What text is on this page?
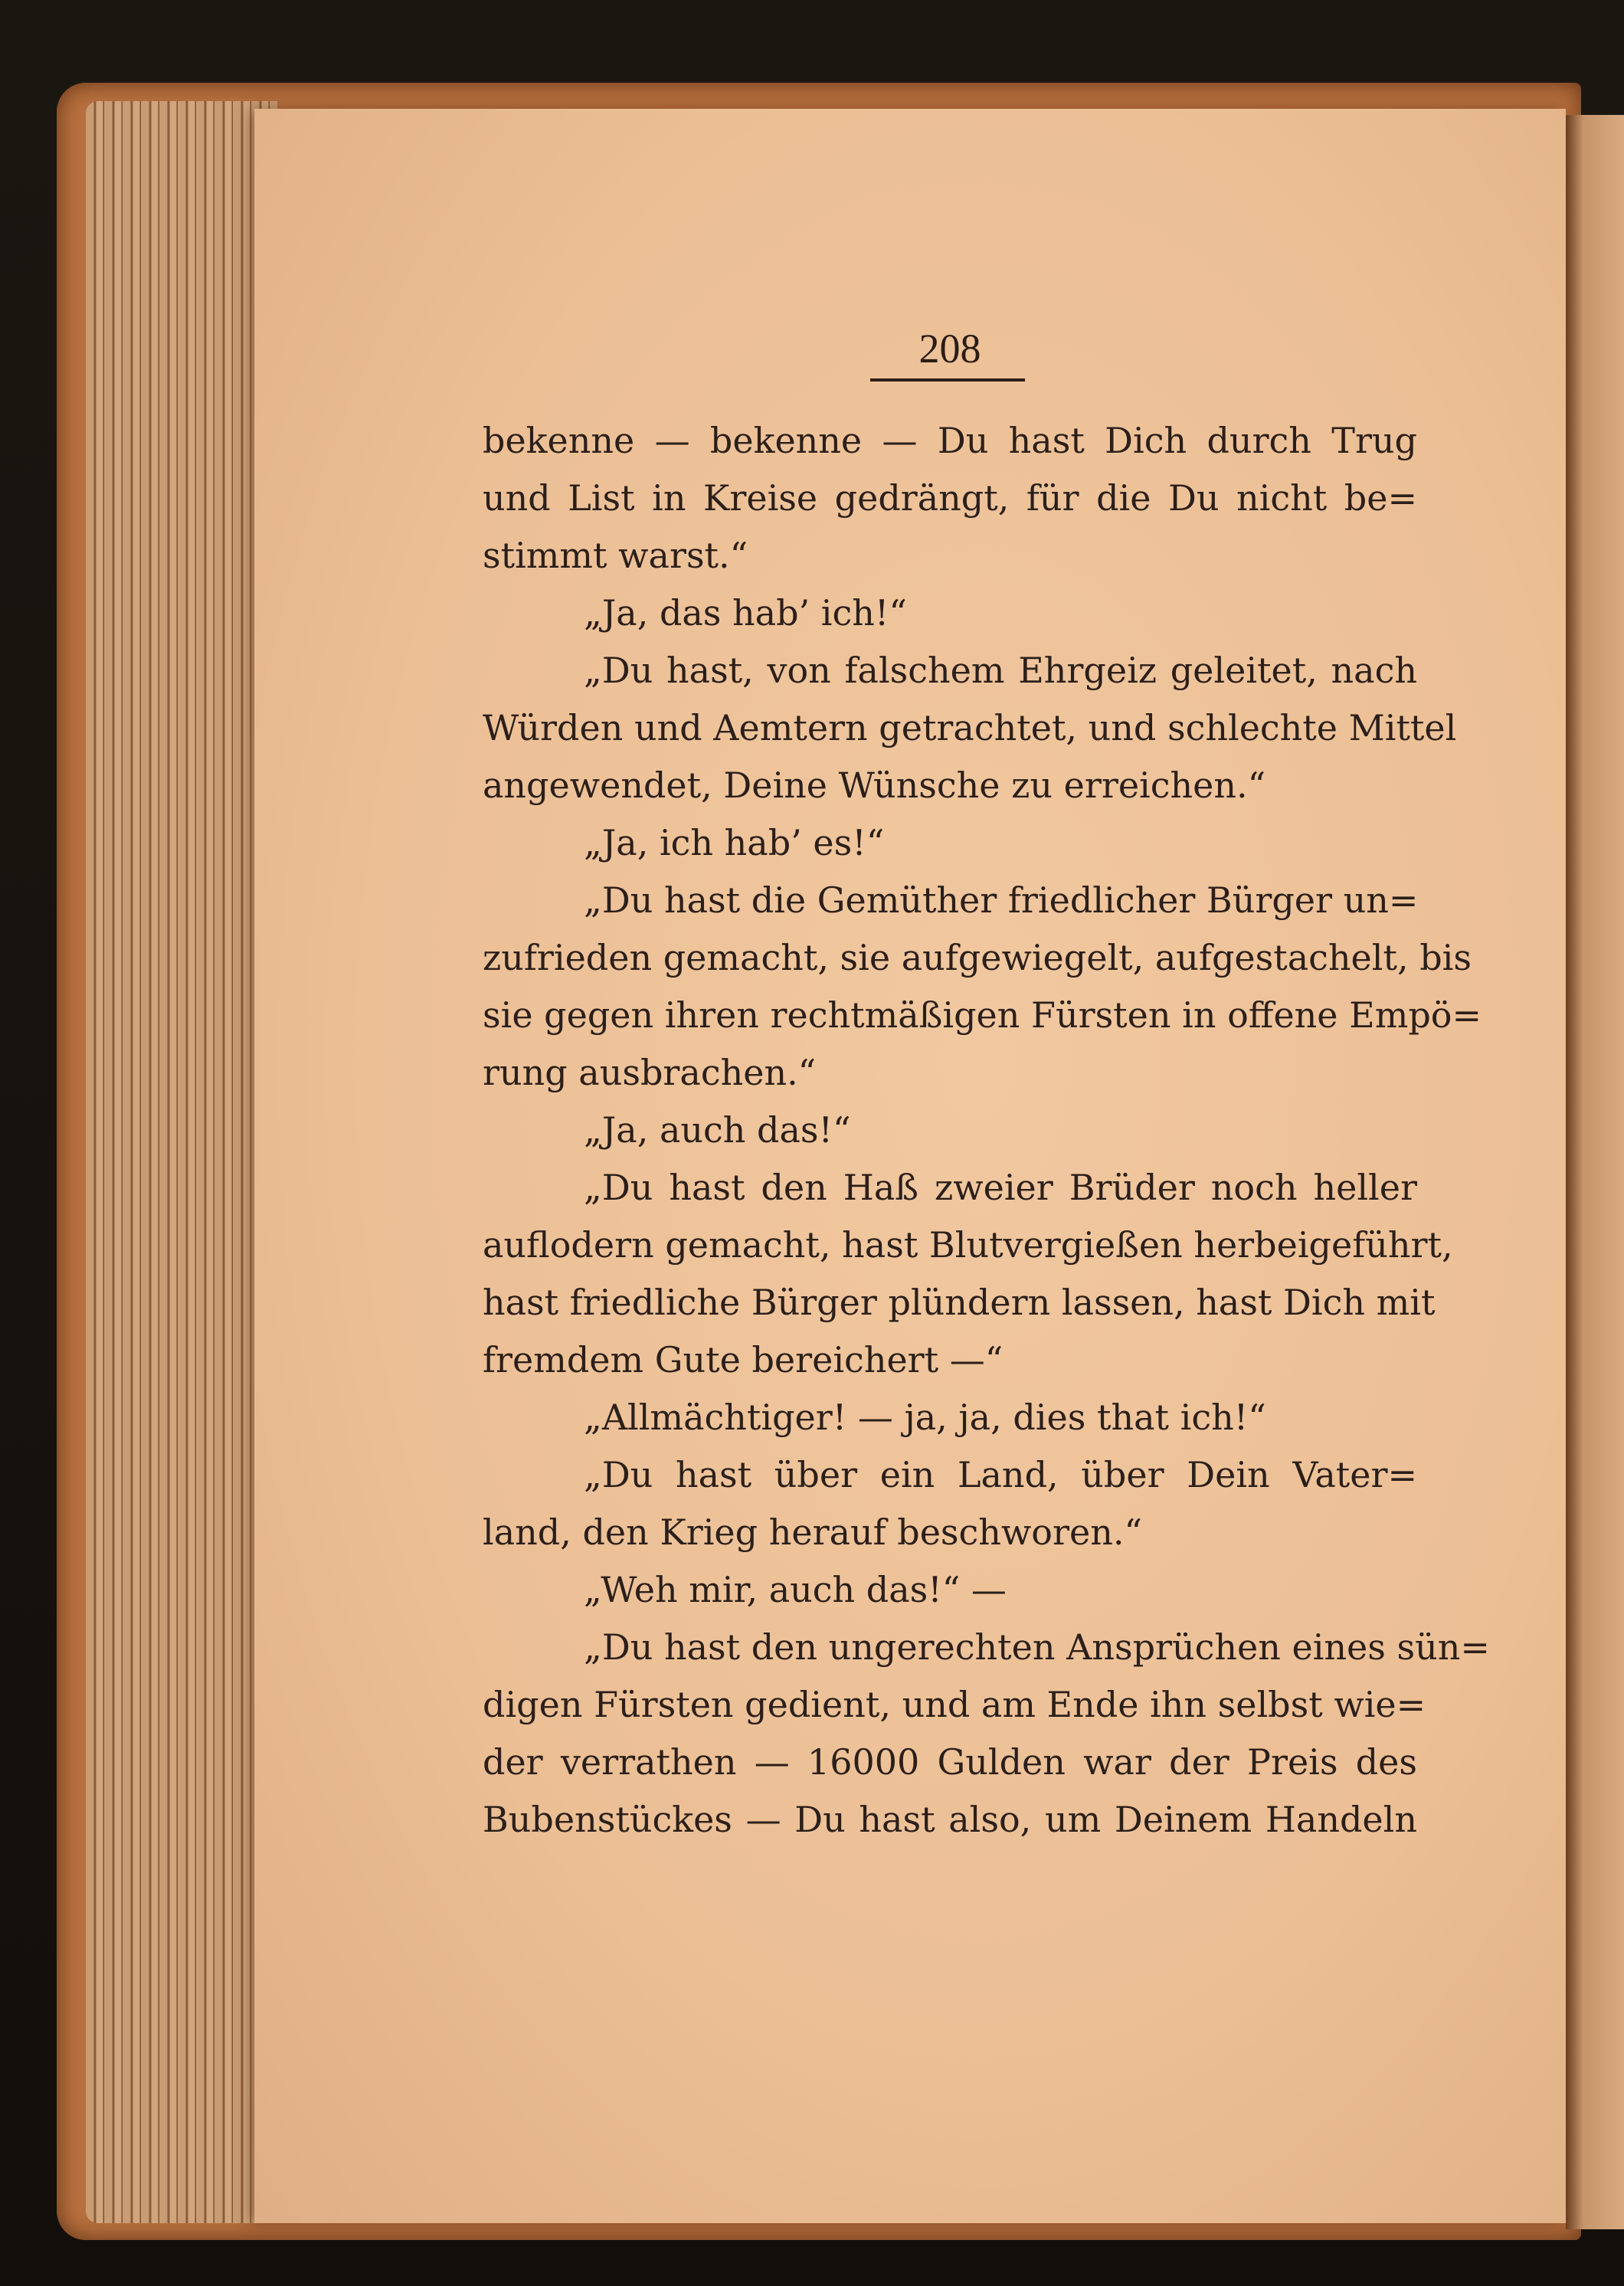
208
bekenne — bekenne — Du hast Dich durch Trug
und List in Kreise gedrängt, für die Du nicht be=
stimmt warst.“
„Ja, das hab’ ich!“
„Du hast, von falschem Ehrgeiz geleitet, nach
Würden und Aemtern getrachtet, und schlechte Mittel
angewendet, Deine Wünsche zu erreichen.“
„Ja, ich hab’ es!“
„Du hast die Gemüther friedlicher Bürger un=
zufrieden gemacht, sie aufgewiegelt, aufgestachelt, bis
sie gegen ihren rechtmäßigen Fürsten in offene Empö=
rung ausbrachen.“
„Ja, auch das!“
„Du hast den Haß zweier Brüder noch heller
auflodern gemacht, hast Blutvergießen herbeigeführt,
hast friedliche Bürger plündern lassen, hast Dich mit
fremdem Gute bereichert —“
„Allmächtiger! — ja, ja, dies that ich!“
„Du hast über ein Land, über Dein Vater=
land, den Krieg herauf beschworen.“
„Weh mir, auch das!“ —
„Du hast den ungerechten Ansprüchen eines sün=
digen Fürsten gedient, und am Ende ihn selbst wie=
der verrathen — 16000 Gulden war der Preis des
Bubenstückes — Du hast also, um Deinem Handeln
